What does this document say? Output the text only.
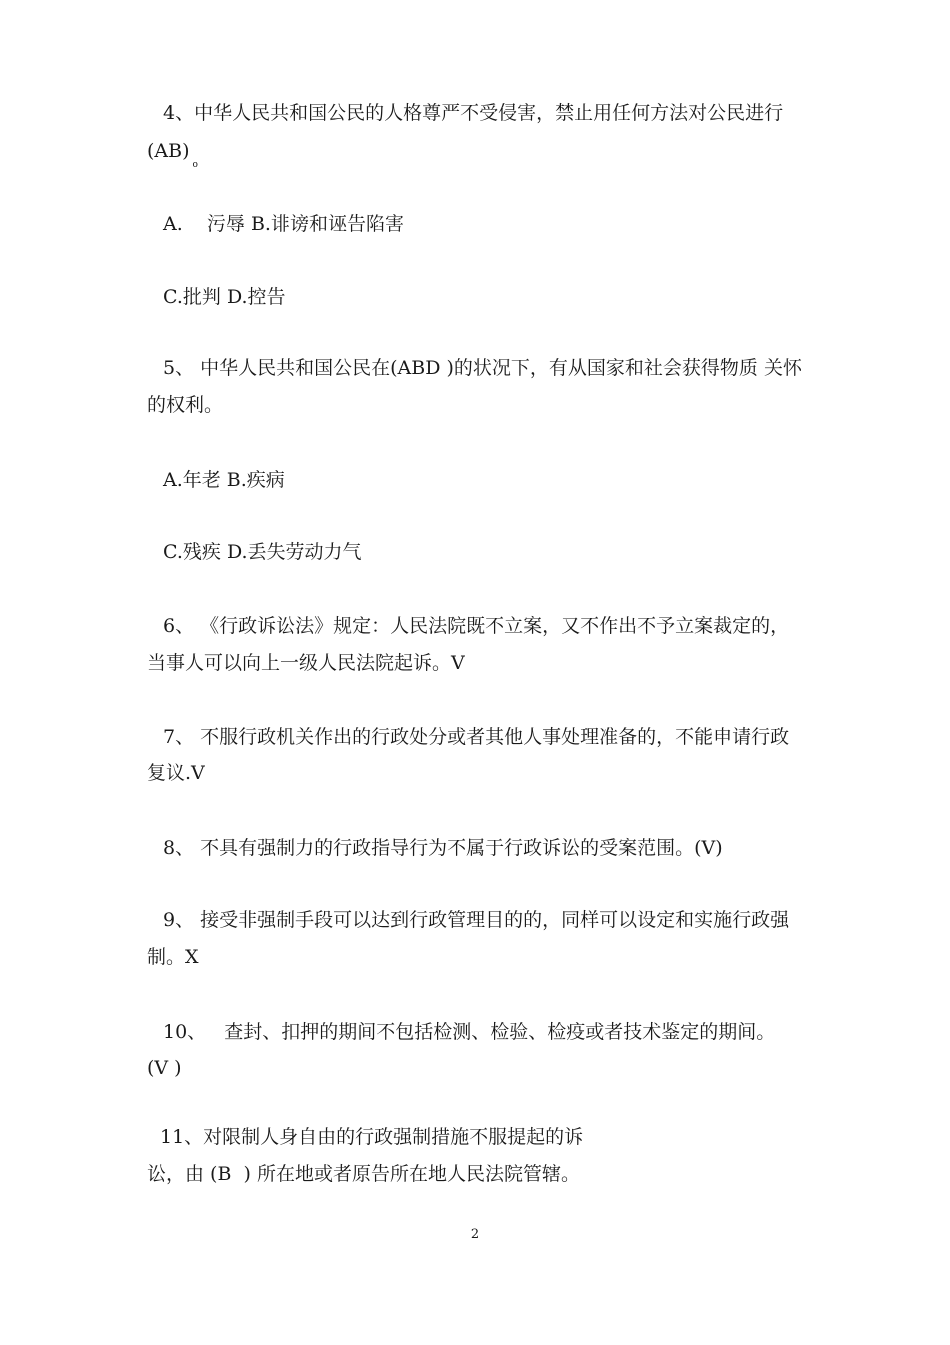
4、中华人民共和国公民的人格尊严不受侵害，禁止用任何方法对公民进行
$(AB)_o$
A.    污辱 B.诽谤和诬告陷害
C.批判 D.控告
5、 中华人民共和国公民在(ABD )的状况下，有从国家和社会获得物质 关怀
的权利。
A.年老 B.疾病
C.残疾 D.丢失劳动力气
6、 《行政诉讼法》规定：人民法院既不立案，又不作出不予立案裁定的，
当事人可以向上一级人民法院起诉。V
7、 不服行政机关作出的行政处分或者其他人事处理准备的，不能申请行政
复议.V
8、 不具有强制力的行政指导行为不属于行政诉讼的受案范围。(V)
9、 接受非强制手段可以达到行政管理目的的，同样可以设定和实施行政强
制。X
10、   查封、扣押的期间不包括检测、检验、检疫或者技术鉴定的期间。
(V )
11、对限制人身自由的行政强制措施不服提起的诉
讼，由 (B  ) 所在地或者原告所在地人民法院管辖。
2
